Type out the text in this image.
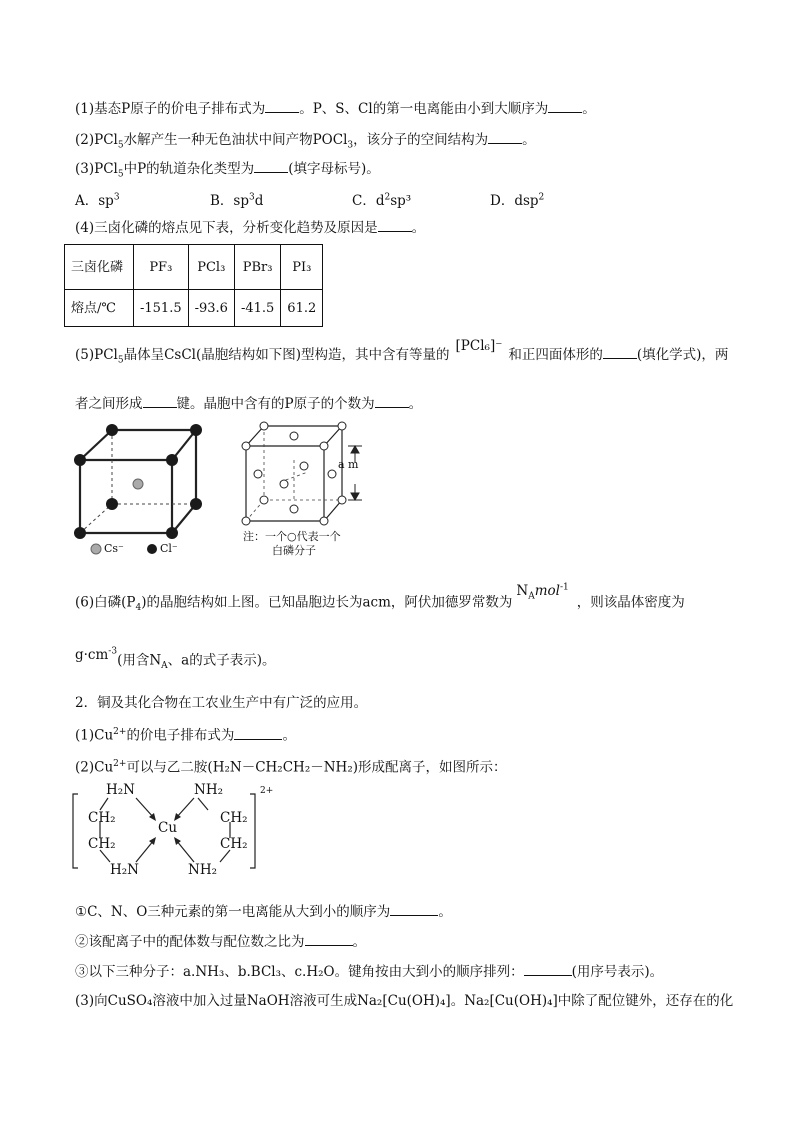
(1)基态P原子的价电子排布式为	。P、S、Cl的第一电离能由小到大顺序为	。
(2)PCl$_5$水解产生一种无色油状中间产物POCl$_3$，该分子的空间结构为	。
(3)PCl$_5$中P的轨道杂化类型为	(填字母标号)。
A．$sp^3$	B．$sp^3d$	C．$d^2sp^3$	D．dsp$^2$
(4)三卤化磷的熔点见下表，分析变化趋势及原因是	。
三卤化磷	PF₃	PCl₃	PBr₃	PI₃
熔点/℃	-151.5	-93.6	-41.5	61.2
(5)PCl$_5$晶体呈CsCl(晶胞结构如下图)型构造，其中含有等量的[PCl₆]⁻和正四面体形的	(填化学式)，两
者之间形成	键。晶胞中含有的P原子的个数为	。
Cs⁻	Cl⁻
a m
注：一个○代表一个
白磷分子
(6)白磷$(P_4)$的晶胞结构如上图。已知晶胞边长为acm，阿伏加德罗常数为$N_Amol^{-1}$，则该晶体密度为
$g\cdot cm^{-3}$(用含$N_A$、a的式子表示)。
2．铜及其化合物在工农业生产中有广泛的应用。
$(1)Cu^{2+}$的价电子排布式为	。
$(2)Cu^{2+}$可以与乙二胺(H₂N－CH₂CH₂－NH₂)形成配离子，如图所示：
H₂N	NH₂
CH₂
CH₂
CH₂
CH₂
Cu
H₂N	NH₂
2+
①C、N、O三种元素的第一电离能从大到小的顺序为	。
②该配离子中的配体数与配位数之比为	。
③以下三种分子：a.NH₃、b.BCl₃、c.H₂O。键角按由大到小的顺序排列：	(用序号表示)。
(3)向CuSO₄溶液中加入过量NaOH溶液可生成Na₂[Cu(OH)₄]。Na₂[Cu(OH)₄]中除了配位键外，还存在的化
